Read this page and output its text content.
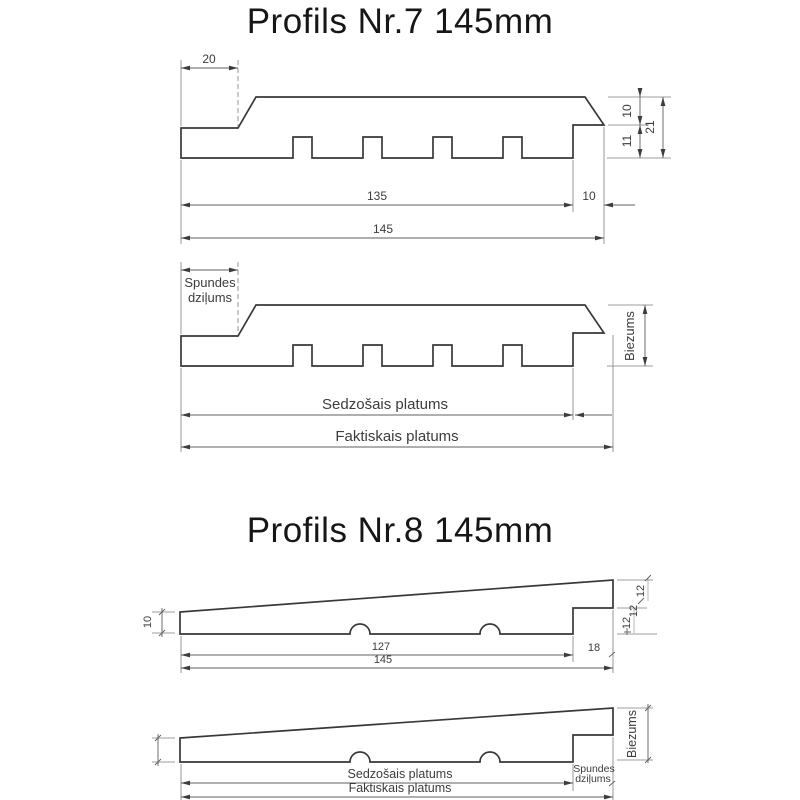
Profils Nr.7 145mm
Profils Nr.8 145mm
20
10
11
21
135	10
145
Spundes
dziļums
Biezums
Sedzošais platums
Faktiskais platums
10
12
12
12
127	18
145
Biezums
Spundes
dziļums
Sedzošais platums
Faktiskais platums
